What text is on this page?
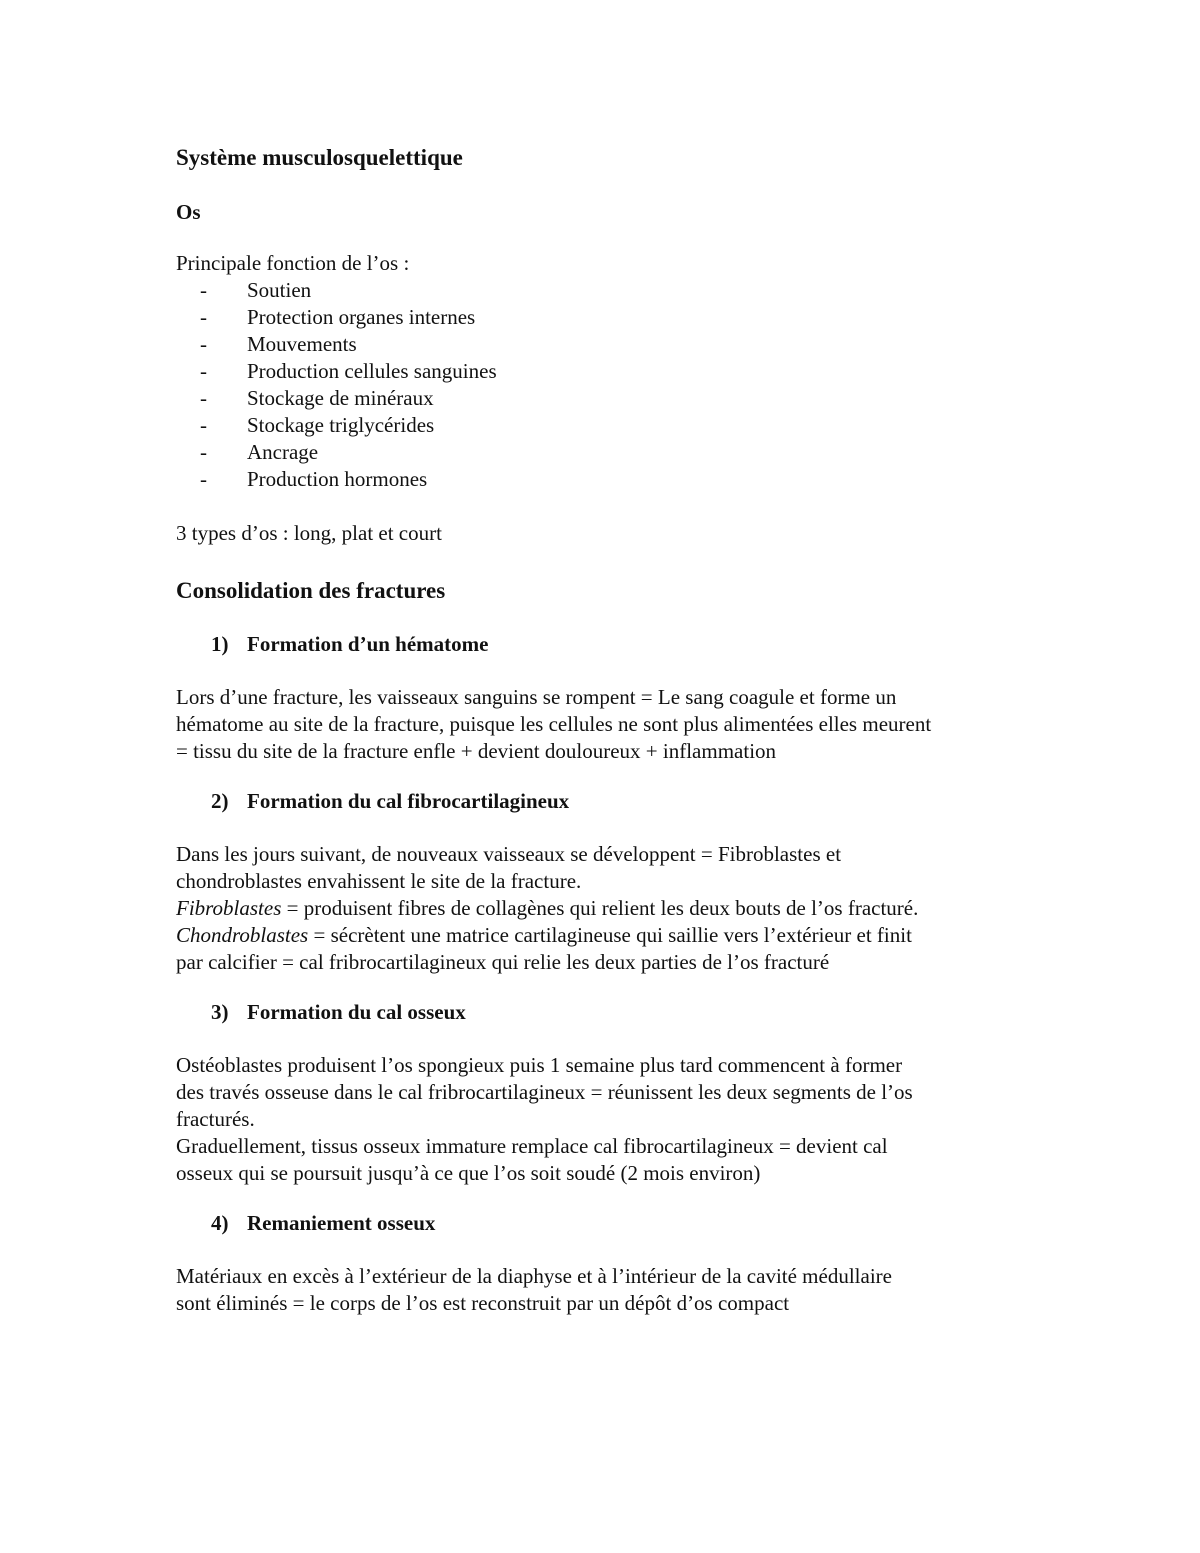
Système musculosquelettique
Os

Principale fonction de l’os :

- Soutien
- Protection organes internes
- Mouvements
- Production cellules sanguines
- Stockage de minéraux
- Stockage triglycérides
- Ancrage
- Production hormones

3 types d’os : long, plat et court

Consolidation des fractures
1) Formation d’un hématome

Lors d’une fracture, les vaisseaux sanguins se rompent = Le sang coagule et forme un

hématome au site de la fracture, puisque les cellules ne sont plus alimentées elles meurent

= tissu du site de la fracture enfle + devient douloureux + inflammation

2) Formation du cal fibrocartilagineux

Dans les jours suivant, de nouveaux vaisseaux se développent = Fibroblastes et

chondroblastes envahissent le site de la fracture.

Fibroblastes = produisent fibres de collagènes qui relient les deux bouts de l’os fracturé.

Chondroblastes = sécrètent une matrice cartilagineuse qui saillie vers l’extérieur et finit

par calcifier = cal fribrocartilagineux qui relie les deux parties de l’os fracturé

3) Formation du cal osseux

Ostéoblastes produisent l’os spongieux puis 1 semaine plus tard commencent à former

des través osseuse dans le cal fribrocartilagineux = réunissent les deux segments de l’os

fracturés.

Graduellement, tissus osseux immature remplace cal fibrocartilagineux = devient cal

osseux qui se poursuit jusqu’à ce que l’os soit soudé (2 mois environ)

4) Remaniement osseux

Matériaux en excès à l’extérieur de la diaphyse et à l’intérieur de la cavité médullaire

sont éliminés = le corps de l’os est reconstruit par un dépôt d’os compact
